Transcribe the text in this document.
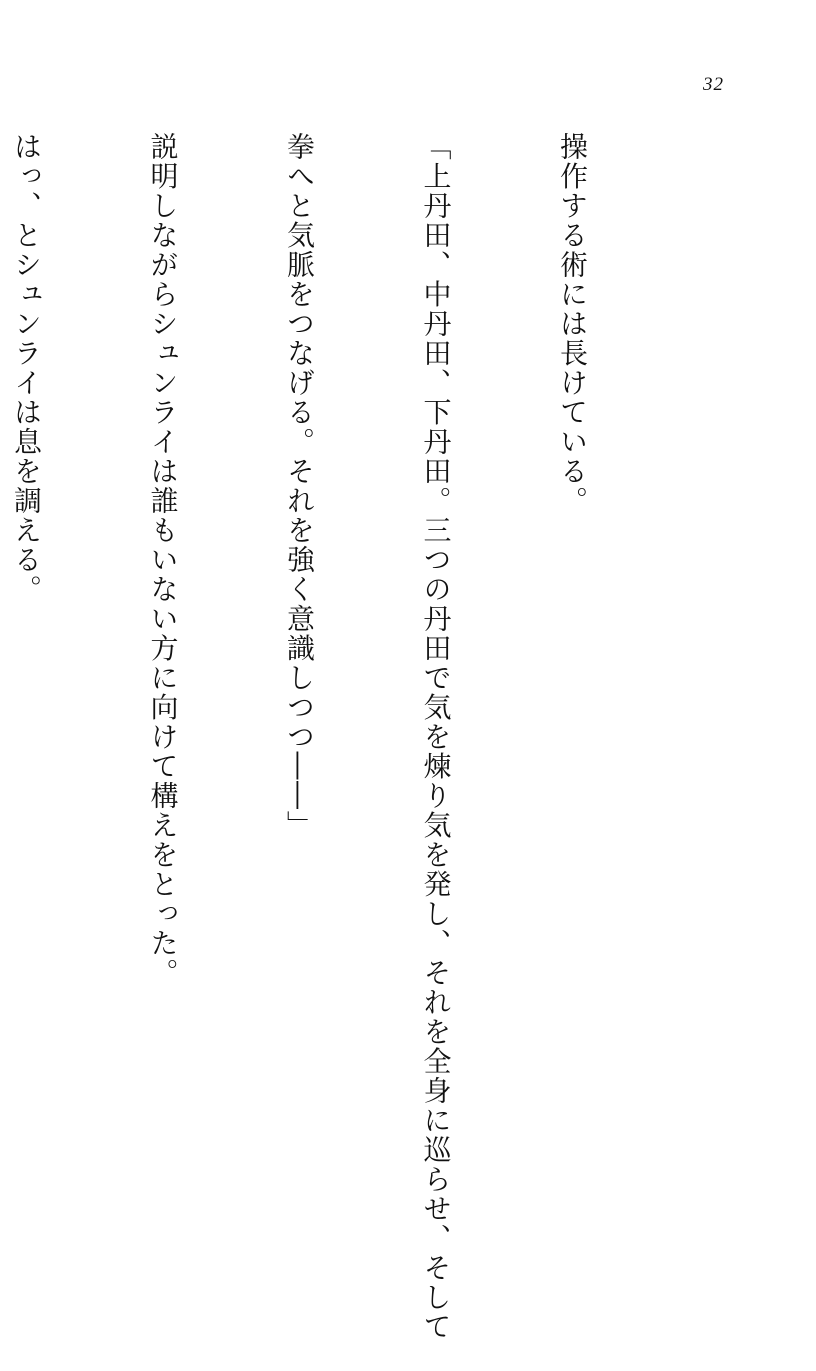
32

操作する術には長けている。

「上丹田、中丹田、下丹田。三つの丹田で気を煉り気を発し、それを全身に巡らせ、そして

拳へと気脈をつなげる。それを強く意識しつつ――」

説明しながらシュンライは誰もいない方に向けて構えをとった。

はっ、とシュンライは息を調える。
